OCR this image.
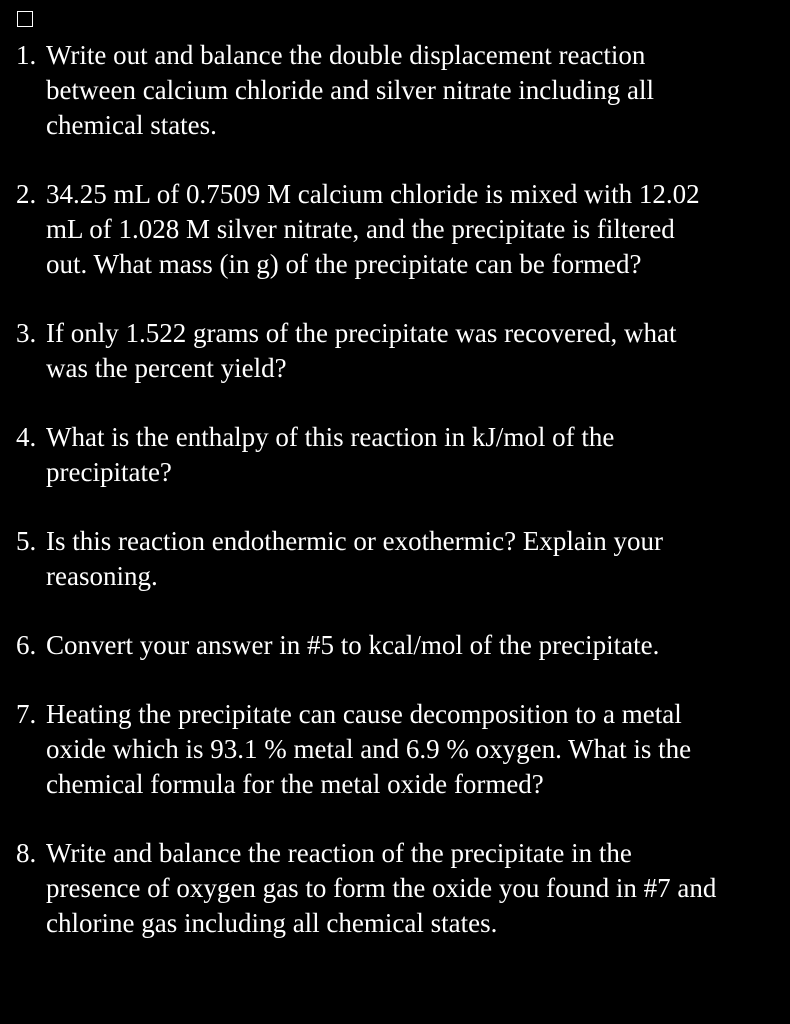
1. Write out and balance the double displacement reaction
between calcium chloride and silver nitrate including all
chemical states.
2. 34.25 mL of 0.7509 M calcium chloride is mixed with 12.02
mL of 1.028 M silver nitrate, and the precipitate is filtered
out. What mass (in g) of the precipitate can be formed?
3. If only 1.522 grams of the precipitate was recovered, what
was the percent yield?
4. What is the enthalpy of this reaction in kJ/mol of the
precipitate?
5. Is this reaction endothermic or exothermic? Explain your
reasoning.
6. Convert your answer in #5 to kcal/mol of the precipitate.
7. Heating the precipitate can cause decomposition to a metal
oxide which is 93.1 % metal and 6.9 % oxygen. What is the
chemical formula for the metal oxide formed?
8. Write and balance the reaction of the precipitate in the
presence of oxygen gas to form the oxide you found in #7 and
chlorine gas including all chemical states.
